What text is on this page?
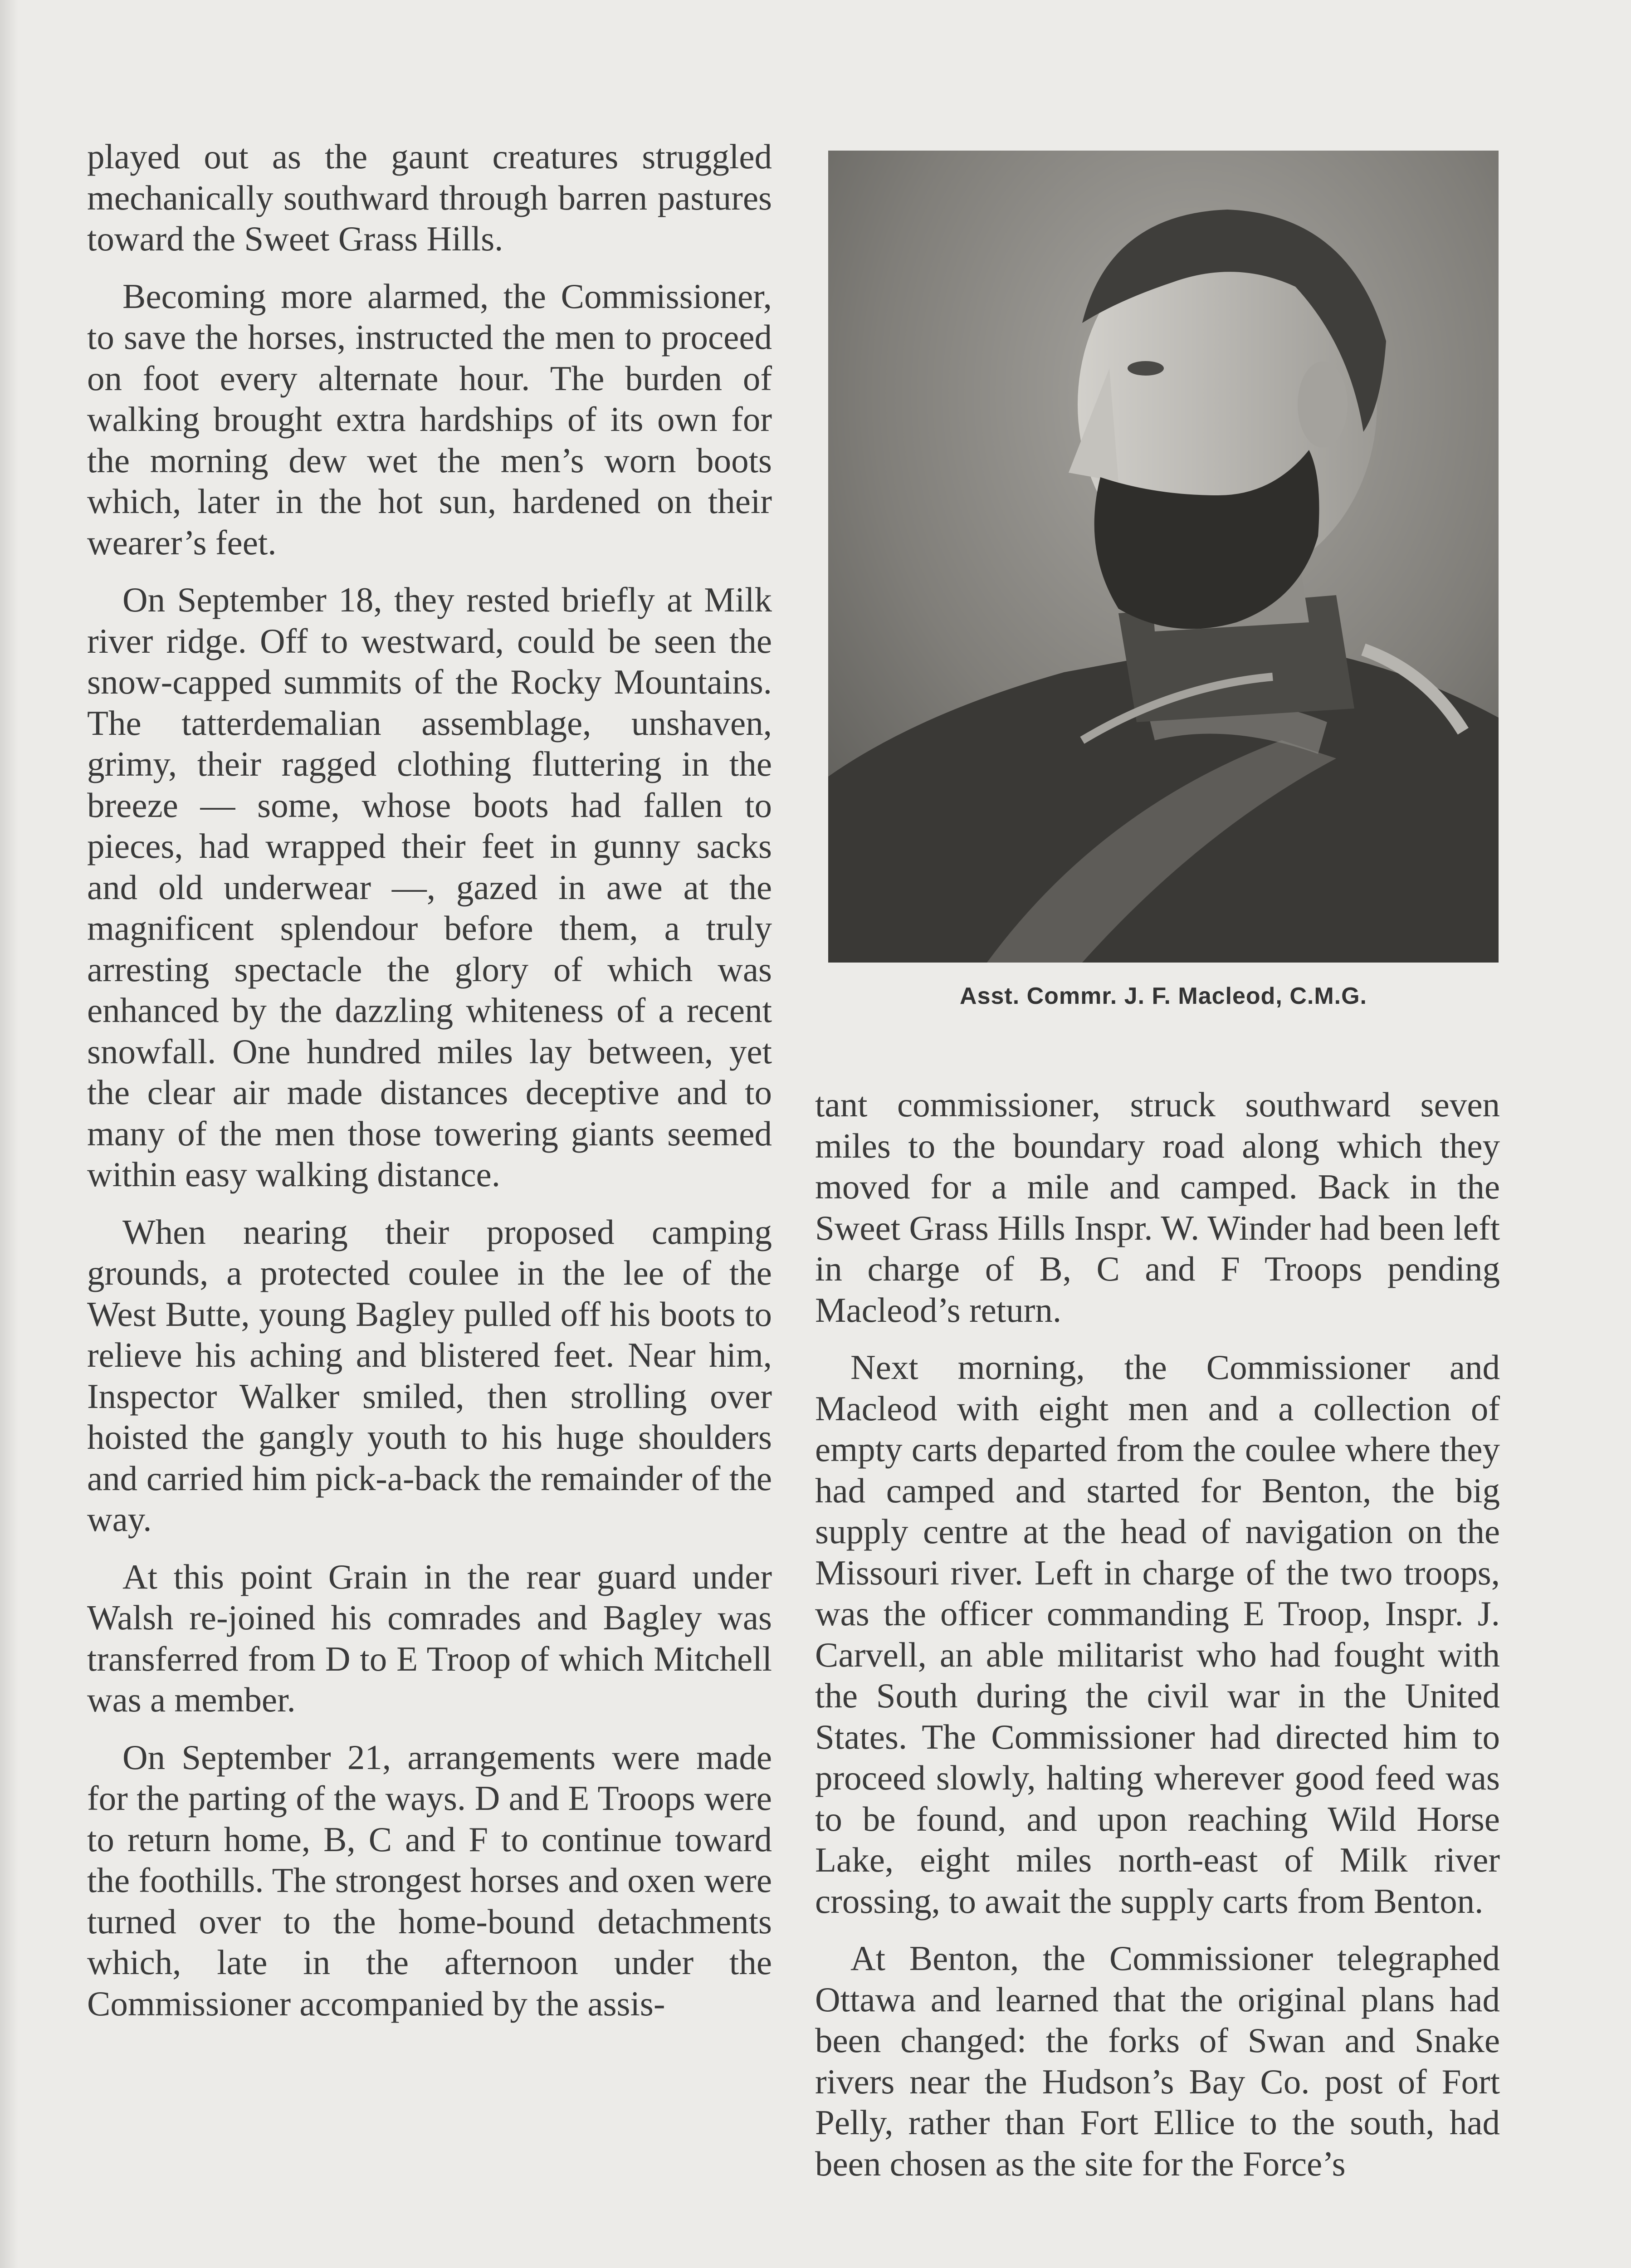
played out as the gaunt creatures struggled mechanically southward through barren pastures toward the Sweet Grass Hills.

Becoming more alarmed, the Commissioner, to save the horses, instructed the men to proceed on foot every alternate hour. The burden of walking brought extra hardships of its own for the morning dew wet the men’s worn boots which, later in the hot sun, hardened on their wearer’s feet.

On September 18, they rested briefly at Milk river ridge. Off to westward, could be seen the snow-capped summits of the Rocky Mountains. The tatterdemalian assemblage, unshaven, grimy, their ragged clothing fluttering in the breeze — some, whose boots had fallen to pieces, had wrapped their feet in gunny sacks and old underwear —, gazed in awe at the magnificent splendour before them, a truly arresting spectacle the glory of which was enhanced by the dazzling whiteness of a recent snowfall. One hundred miles lay between, yet the clear air made distances deceptive and to many of the men those towering giants seemed within easy walking distance.

When nearing their proposed camping grounds, a protected coulee in the lee of the West Butte, young Bagley pulled off his boots to relieve his aching and blistered feet. Near him, Inspector Walker smiled, then strolling over hoisted the gangly youth to his huge shoulders and carried him pick-a-back the remainder of the way.

At this point Grain in the rear guard under Walsh re-joined his comrades and Bagley was transferred from D to E Troop of which Mitchell was a member.

On September 21, arrangements were made for the parting of the ways. D and E Troops were to return home, B, C and F to continue toward the foothills. The strongest horses and oxen were turned over to the home-bound detachments which, late in the afternoon under the Commissioner accompanied by the assis-

Asst. Commr. J. F. Macleod, C.M.G.

tant commissioner, struck southward seven miles to the boundary road along which they moved for a mile and camped. Back in the Sweet Grass Hills Inspr. W. Winder had been left in charge of B, C and F Troops pending Macleod’s return.

Next morning, the Commissioner and Macleod with eight men and a collection of empty carts departed from the coulee where they had camped and started for Benton, the big supply centre at the head of navigation on the Missouri river. Left in charge of the two troops, was the officer commanding E Troop, Inspr. J. Carvell, an able militarist who had fought with the South during the civil war in the United States. The Commissioner had directed him to proceed slowly, halting wherever good feed was to be found, and upon reaching Wild Horse Lake, eight miles north-east of Milk river crossing, to await the supply carts from Benton.

At Benton, the Commissioner telegraphed Ottawa and learned that the original plans had been changed: the forks of Swan and Snake rivers near the Hudson’s Bay Co. post of Fort Pelly, rather than Fort Ellice to the south, had been chosen as the site for the Force’s
